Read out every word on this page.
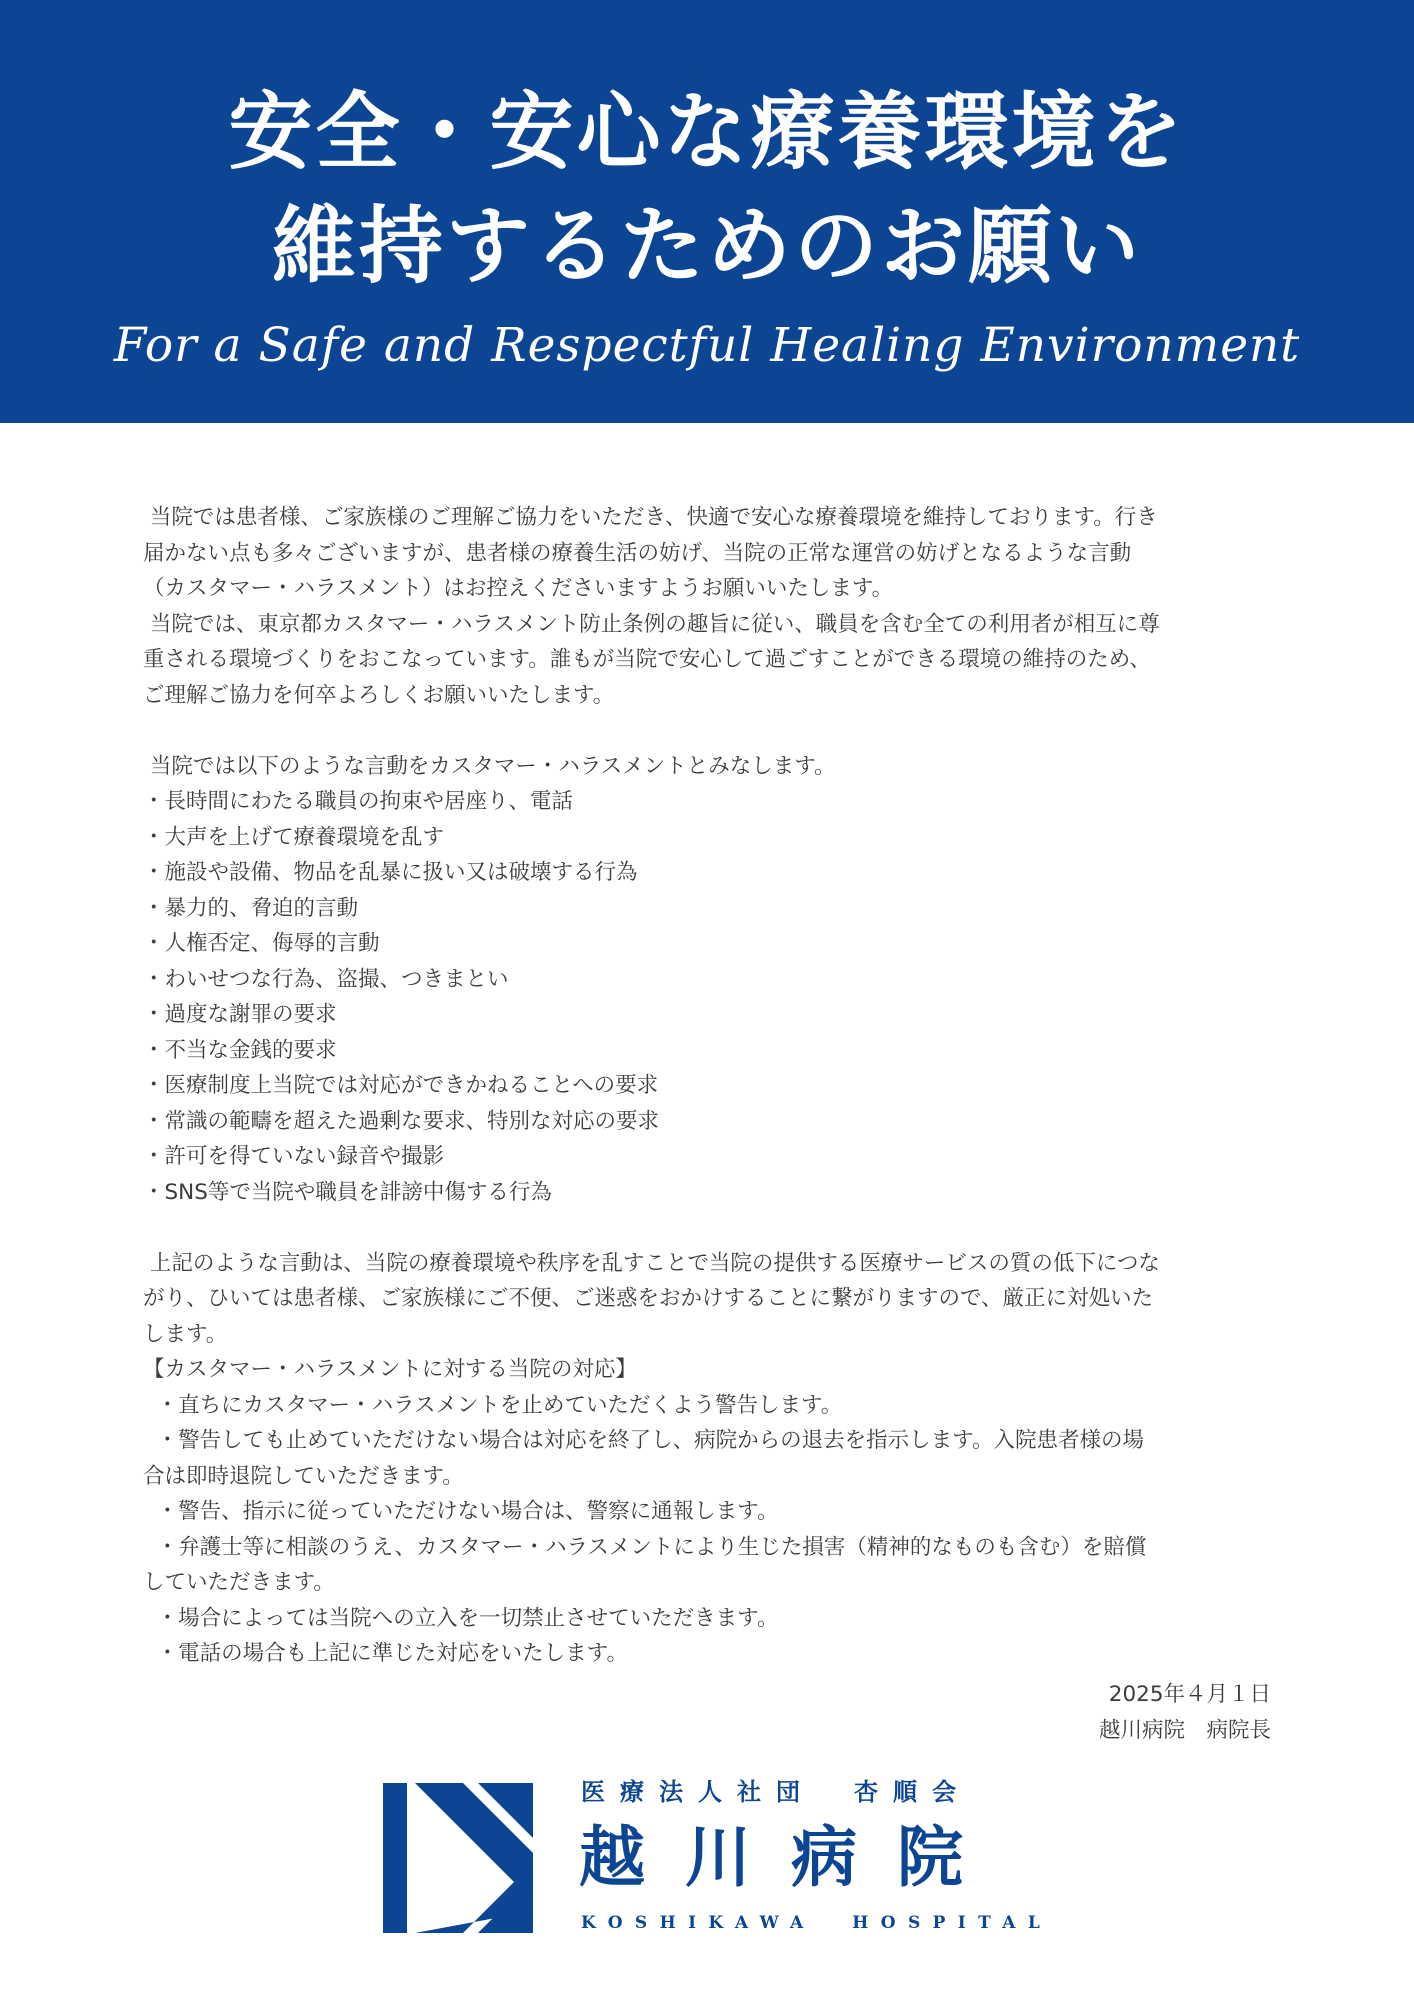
安全・安心な療養環境を
維持するためのお願い
For a Safe and Respectful Healing Environment
当院では患者様、ご家族様のご理解ご協力をいただき、快適で安心な療養環境を維持しております。行き
届かない点も多々ございますが、患者様の療養生活の妨げ、当院の正常な運営の妨げとなるような言動
（カスタマー・ハラスメント）はお控えくださいますようお願いいたします。
当院では、東京都カスタマー・ハラスメント防止条例の趣旨に従い、職員を含む全ての利用者が相互に尊
重される環境づくりをおこなっています。誰もが当院で安心して過ごすことができる環境の維持のため、
ご理解ご協力を何卒よろしくお願いいたします。
当院では以下のような言動をカスタマー・ハラスメントとみなします。
・長時間にわたる職員の拘束や居座り、電話
・大声を上げて療養環境を乱す
・施設や設備、物品を乱暴に扱い又は破壊する行為
・暴力的、脅迫的言動
・人権否定、侮辱的言動
・わいせつな行為、盗撮、つきまとい
・過度な謝罪の要求
・不当な金銭的要求
・医療制度上当院では対応ができかねることへの要求
・常識の範疇を超えた過剰な要求、特別な対応の要求
・許可を得ていない録音や撮影
・SNS等で当院や職員を誹謗中傷する行為
上記のような言動は、当院の療養環境や秩序を乱すことで当院の提供する医療サービスの質の低下につな
がり、ひいては患者様、ご家族様にご不便、ご迷惑をおかけすることに繋がりますので、厳正に対処いた
します。
【カスタマー・ハラスメントに対する当院の対応】
・直ちにカスタマー・ハラスメントを止めていただくよう警告します。
・警告しても止めていただけない場合は対応を終了し、病院からの退去を指示します。入院患者様の場
合は即時退院していただきます。
・警告、指示に従っていただけない場合は、警察に通報します。
・弁護士等に相談のうえ、カスタマー・ハラスメントにより生じた損害（精神的なものも含む）を賠償
していただきます。
・場合によっては当院への立入を一切禁止させていただきます。
・電話の場合も上記に準じた対応をいたします。
2025年４月１日
越川病院　病院長
医療法人社団　杏順会
越川病院
KOSHIKAWA  HOSPITAL
